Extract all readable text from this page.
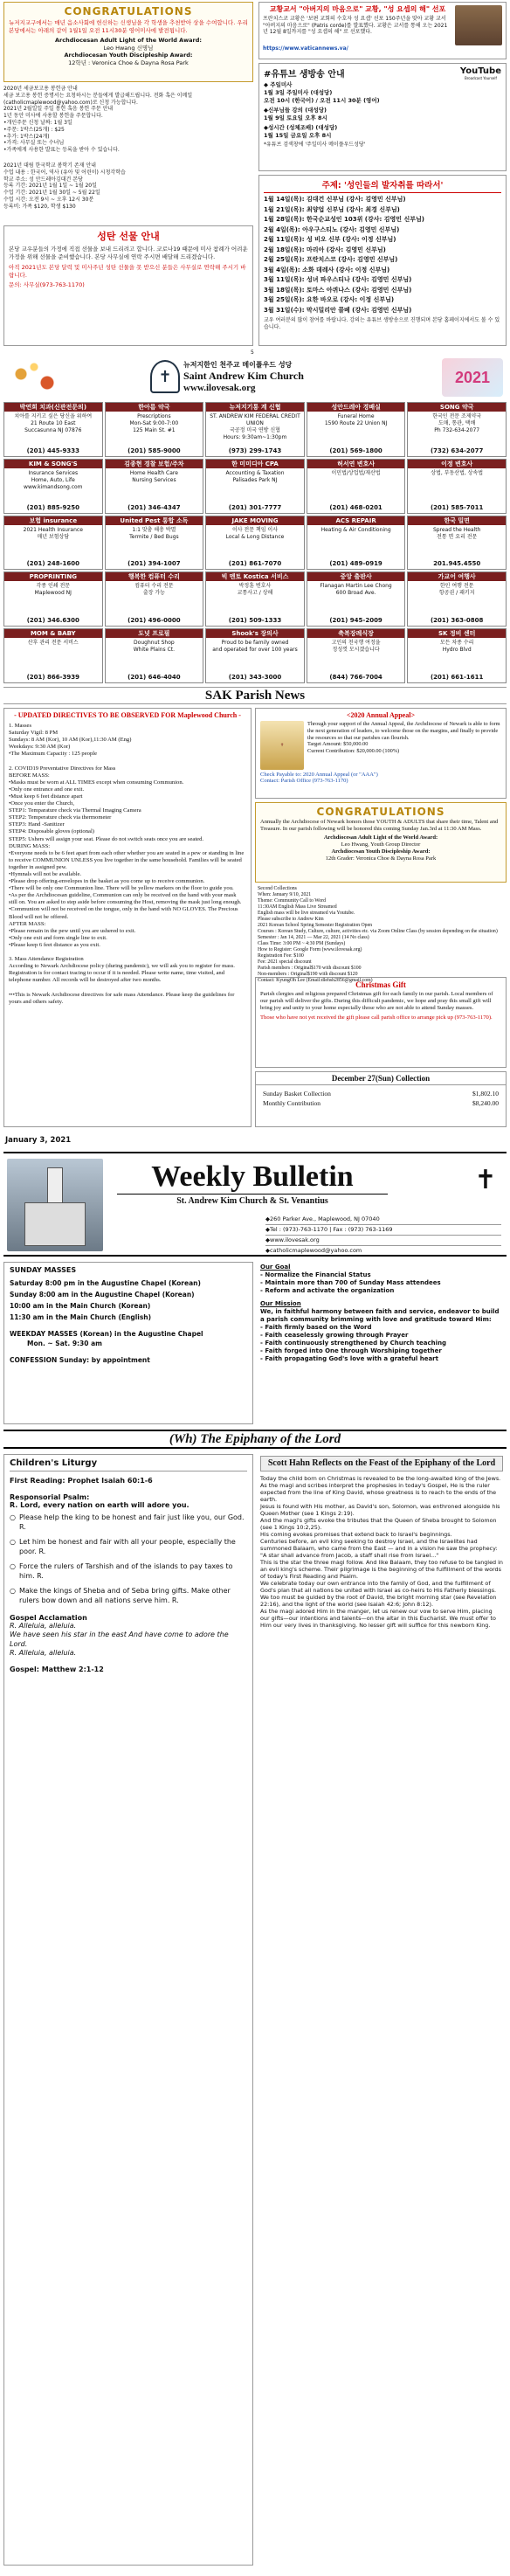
CONGRATULATIONS
뉴저지교구에서는 매년 음소사회에 헌신하는 신생님을 각 학생을 추천받아 상을 수여합니다. 우리 본당에서는 아래의 같이 1월1일 오전 11시30분 영어미사에 발전됩니다.
Archdiocesan Adult Light of the World Award:
Leo Hwang 신명님
Archdiocesan Youth Discipleship Award:
12학년 : Veronica Choe & Dayna Rosa Park
2020년 세금보고용 봉헌금 안내
세금 보고용 봉헌 증명서는 요청하시는 분들에게 발급해드립니다. 전화 혹은 이메일(catholicmaplewood@yahoo.com)로 신청 가능합니다.
2021년 2월일일 주일 봉헌 혹음 봉헌 주문 안내
1년 동안 미사에 사용할 봉헌을 주문합니다.
•개인주문 신청 날짜: 1월 3일
•주문: 1박스(25개) : $25
•추가: 1박스(24개)
•가격: 사무실 또는 수녀님
•가족에게 사용한 발표는 등록을 받아 수 있습니다.
2021년 대림 한국학교 봄학기 존재 안내
수업 내용 : 한국어, 역사 (유아 및 어린이) 시청각학습
학교 주소: 성 안드레아김대건 본당
등록 기간: 2021년 1월 1일 ~ 1월 20일
수업 기간: 2021년 1월 30일 ~ 5월 22일
수업 시간: 오전 9시 ~ 오후 12시 30분
등록비: 가족 $120, 학생 $130
성탄 선물 안내
본당 교우분들의 가정에 직접 선물을 보내 드리려고 합니다. 코로나19 때문에 미사 참례가 어려운 가정을 위해 선물을 준비했습니다. 본당 사무실에 연락 주시면 배달해 드리겠습니다.
아직 2021년도 본당 달력 및 미사주년 성탄 선물을 못 받으신 분들은 사무실로 연락해 주시기 바랍니다.
문의: 사무실(973-763-1170)
교황교서 "아버지의 마음으로" 교황, "성 요셉의 해" 선포
프란치스코 교황은 '보편 교회의 수호자 성 요셉' 선포 150주년을 맞아 교황 교서 "아버지의 마음으로" (Patris corde)를 발표했다. 교황은 교서를 통해 오는 2021년 12월 8일까지를 "성 요셉의 해" 로 선포했다.
https://www.vaticannews.va/
#유튜브 생방송 안내	YouTube
Broadcast Yourself
◆ 주일미사
1월 3일 주일미사 (대성당)
오전 10시 (한국어) / 오전 11시 30분 (영어)
◆신부님들 강의 (대성당)
1월 9일 토요일 오후 8시
◆성시간 (성체조배) (대성당)
1월 15일 금요일 오후 8시
*유튜브 검색창에 '주일미사 메이플우드성당'
주제: '성인들의 발자취를 따라서'
1월 14일(목): 김대건 신부님 (강사: 김영민 신부님)
1월 21일(목): 최양업 신부님 (강사: 최경 신부님)
1월 28일(목): 한국순교성인 103위 (강사: 김영민 신부님)
2월 4일(목): 아우구스티노 (강사: 김영민 신부님)
2월 11일(목): 성 비오 신부 (강사: 이정 신부님)
2월 18일(목): 마리아 (강사: 김영민 신부님)
2월 25일(목): 프란치스코 (강사: 김영민 신부님)
3월 4일(목): 소화 데레사 (강사: 이정 신부님)
3월 11일(목): 성녀 파우스티나 (강사: 김영민 신부님)
3월 18일(목): 토마스 아퀴나스 (강사: 김영민 신부님)
3월 25일(목): 요한 바오로 (강사: 이정 신부님)
3월 31일(수): 막시밀리안 콜베 (강사: 김영민 신부님)
교우 여러분의 많이 참여를 바랍니다. 강의는 유튜브 생방송으로 진행되며 본당 홈페이지에서도 볼 수 있습니다.
5
✝
뉴저지한인 천주교 메이플우드 성당
Saint Andrew Kim Church
www.ilovesak.org
2021
박연희 치과(신관전문의)
치아를 지키고 싶은 당신을 위하여
21 Route 10 East
Succasunna NJ 07876
(201) 445-9333
한아름 약국
Prescriptions
Mon-Sat 9:00-7:00
125 Main St. #1
(201) 585-9000
뉴저지기통 계 신협
ST. ANDREW KIM FEDERAL CREDIT UNION
국공정 미국 연방 신협
Hours: 9:30am~1:30pm
(973) 299-1743
성안드레아 경배실
Funeral Home
1590 Route 22 Union NJ
(201) 569-1800
SONG 약국
한국인 전문 조제약국
도매, 통관, 택배
Ph 732-634-2077
(732) 634-2077
KIM & SONG'S
Insurance Services
Home, Auto, Life
www.kimandsong.com
(201) 885-9250
김종현 경찰 보험/주차
Home Health Care
Nursing Services
(201) 346-4347
한 미미디아 CPA
Accounting & Taxation
Palisades Park NJ
(201) 301-7777
허서연 변호사
이민법/상업법/재산법
(201) 468-0201
이정 변호사
상법, 부동산법, 상속법
(201) 585-7011
보험 insurance
2021 Health Insurance
매년 보험상담
(201) 248-1600
United Pest 통합 소독
1:1 맞춤 해충 박멸
Termite / Bed Bugs
(201) 394-1007
JAKE MOVING
이사 전문 책임 이사
Local & Long Distance
(201) 861-7070
ACS REPAIR
Heating & Air Conditioning
(201) 489-0919
한국 밀면
Spread the Health
전통 면 요리 전문
201.945.4550
PROPRINTING
각종 인쇄 전문
Maplewood NJ
(201) 346.6300
행복한 컴퓨터 수리
컴퓨터 수리 전문
출장 가능
(201) 496-0000
빅 멘토 Kostica 서비스
박정훈 변호사
교통사고 / 상해
(201) 509-1333
중앙 출판사
Flanagan Martin Lee Chong
600 Broad Ave.
(201) 945-2009
가교어 여행사
한인 여행 전문
항공권 / 패키지
(201) 363-0808
MOM & BABY
산후 관리 전문 서비스
(201) 866-3939
도넛 프로필
Doughnut Shop
White Plains Ct.
(201) 646-4040
Shook's 장의사
Proud to be family owned
and operated for over 100 years
(201) 343-3000
축복장례식장
고인의 천국행 여정을
정성껏 모시겠습니다
(844) 766-7004
SK 정비 센터
모든 차종 수리
Hydro Blvd
(201) 661-1611
SAK Parish News
- UPDATED DIRECTIVES TO BE OBSERVED FOR Maplewood Church -
1. Masses
Saturday Vigil: 8 PM
Sundays: 8 AM (Kor), 10 AM (Kor),11:30 AM (Eng)
Weekdays: 9:30 AM (Kor)
•The Maximum Capacity : 125 people

2. COVID19 Preventative Directives for Mass
BEFORE MASS:
•Masks must be worn at ALL TIMES except when consuming Communion.
•Only one entrance and one exit.
•Must keep 6 feet distance apart
•Once you enter the Church,
STEP1: Temparature check via Thermal Imaging Camera
STEP2: Temperature check via thermometer
STEP3: Hand -Sanitizer
STEP4: Disposable gloves (optional)
STEP5: Ushers will assign your seat. Please do not switch seats once you are seated.
DURING MASS:
•Everyone needs to be 6 feet apart from each other whether you are seated in a pew or standing in line to receive COMMUNION UNLESS you live together in the same household. Families will be seated together in assigned pew.
•Hymnals will not be available.
•Please drop offering-envelopes in the basket as you come up to receive communion.
•There will be only one Communion line. There will be yellow markers on the floor to guide you.
•As per the Archdiocesan guideline, Communion can only be received on the hand with your mask still on. You are asked to step aside before consuming the Host, removing the mask just long enough.
•Communion will not be received on the tongue, only in the hand with NO GLOVES. The Precious Blood will not be offered.
AFTER MASS:
•Please remain in the pew until you are ushered to exit.
•Only one exit and form single line to exit.
•Please keep 6 feet distance as you exit.

3. Mass Attendance Registration
According to Newark Archdiocese policy (during pandemic), we will ask you to register for mass. Registration is for contact tracing to occur if it is needed. Please write name, time visited, and telephone number. All records will be destroyed after two months.

•••This is Newark Archdiocese directives for safe mass Attendance. Please keep the guidelines for yours and others safety.
<2020 Annual Appeal>
✝
Through your support of the Annual Appeal, the Archdiocese of Newark is able to form the next generation of leaders, to welcome those on the margins, and finally to provide the resources so that our parishes can flourish.
Target Amount: $50,000.00
Current Contribution: $20,000.00 (100%)
Check Payable to: 2020 Annual Appeal (or "AAA")
Contact: Parish Office (973-763-1170)
CONGRATULATIONS
Annually the Archdiocese of Newark honors those YOUTH & ADULTS that share their time, Talent and Treasure. In our parish following will be honored this coming Sunday Jan.3rd at 11:30 AM Mass.
Archdiocesan Adult Light of the World Award:
Leo Hwang, Youth Group Director
Archdiocesan Youth Discipleship Award:
12th Grader: Veronica Choe & Dayna Rosa Park
Second Collections
When: January 9/10, 2021
Theme: Community Call to Word
11:30AM English Mass Live Streamed
English mass will be live streamed via Youtube.
Please subscribe to Andrew Kim
2021 Korean School Spring Semester Registration Open
Courses : Korean Study, Culture, culture, activities etc. via Zoom Online Class (by session depending on the situation)
Semester : Jan 14, 2021 — Mar 22, 2021 (14 No class)
Class Time: 3:00 PM ~ 4:30 PM (Sundays)
How to Register: Google Form (www.ilovesak.org)
Registration Fee: $100
Fee: 2021 special discount
Parish members : Original$170 with discount $100
Non-members : Original$190 with discount $120
Contact: KyungOh Lee (Email:dlehsh2856@gmail.com)
Christmas Gift
Parish clergies and religious prepared Christmas gift for each family in our parish. Local members of our parish will deliver the gifts. During this difficult pandemic, we hope and pray this small gift will bring joy and unity to your home especially those who are not able to attend Sunday masses.
Those who have not yet received the gift please call parish office to arrange pick up (973-763-1170).
December 27(Sun) Collection
Sunday Basket Collection	$1,802.10
Monthly Contribution	$8,240.00
January 3, 2021
Weekly Bulletin
St. Andrew Kim Church & St. Venantius
✝
◆260 Parker Ave., Maplewood, NJ 07040
◆Tel : (973)-763-1170 | Fax : (973) 763-1169
◆www.ilovesak.org
◆catholicmaplewood@yahoo.com
SUNDAY MASSES
Saturday 8:00 pm in the Augustine Chapel (Korean)
Sunday 8:00 am in the Augustine Chapel (Korean)
10:00 am in the Main Church (Korean)
11:30 am in the Main Church (English)
WEEKDAY MASSES (Korean) in the Augustine Chapel
Mon. ~ Sat. 9:30 am
CONFESSION Sunday: by appointment
Our Goal
- Normalize the Financial Status
- Maintain more than 700 of Sunday Mass attendees
- Reform and activate the organization
Our Mission
We, in faithful harmony between faith and service, endeavor to build a parish community brimming with love and gratitude toward Him:
- Faith firmly based on the Word
- Faith ceaselessly growing through Prayer
- Faith continuously strengthened by Church teaching
- Faith forged into One through Worshiping together
- Faith propagating God's love with a grateful heart
(Wh) The Epiphany of the Lord
Children's Liturgy
First Reading: Prophet Isaiah 60:1-6
Responsorial Psalm:
R. Lord, every nation on earth will adore you.
○ Please help the king to be honest and fair just like you, our God. R.
○ Let him be honest and fair with all your people, especially the poor. R.
○ Force the rulers of Tarshish and of the islands to pay taxes to him. R.
○ Make the kings of Sheba and of Seba bring gifts. Make other rulers bow down and all nations serve him. R.
Gospel Acclamation
R. Alleluia, alleluia.
We have seen his star in the east And have come to adore the Lord.
R. Alleluia, alleluia.
Gospel: Matthew 2:1-12
Scott Hahn Reflects on the Feast of the Epiphany of the Lord
Today the child born on Christmas is revealed to be the long-awaited king of the Jews.
As the magi and scribes interpret the prophesies in today's Gospel, He is the ruler expected from the line of King David, whose greatness is to reach to the ends of the earth.
Jesus is found with His mother, as David's son, Solomon, was enthroned alongside his Queen Mother (see 1 Kings 2:19).
And the magi's gifts evoke the tributes that the Queen of Sheba brought to Solomon (see 1 Kings 10:2,25).
His coming evokes promises that extend back to Israel's beginnings.
Centuries before, an evil king seeking to destroy Israel, and the Israelites had summoned Balaam, who came from the East — and in a vision he saw the prophecy: "A star shall advance from Jacob, a staff shall rise from Israel..."
This is the star the three magi follow. And like Balaam, they too refuse to be tangled in an evil king's scheme. Their pilgrimage is the beginning of the fulfillment of the words of today's First Reading and Psalm.
We celebrate today our own entrance into the family of God, and the fulfillment of God's plan that all nations be united with Israel as co-heirs to His Fatherly blessings.
We too must be guided by the root of David, the bright morning star (see Revelation 22:16), and the light of the world (see Isaiah 42:6; John 8:12).
As the magi adored Him in the manger, let us renew our vow to serve Him, placing our gifts—our intentions and talents—on the altar in this Eucharist. We must offer to Him our very lives in thanksgiving. No lesser gift will suffice for this newborn King.
